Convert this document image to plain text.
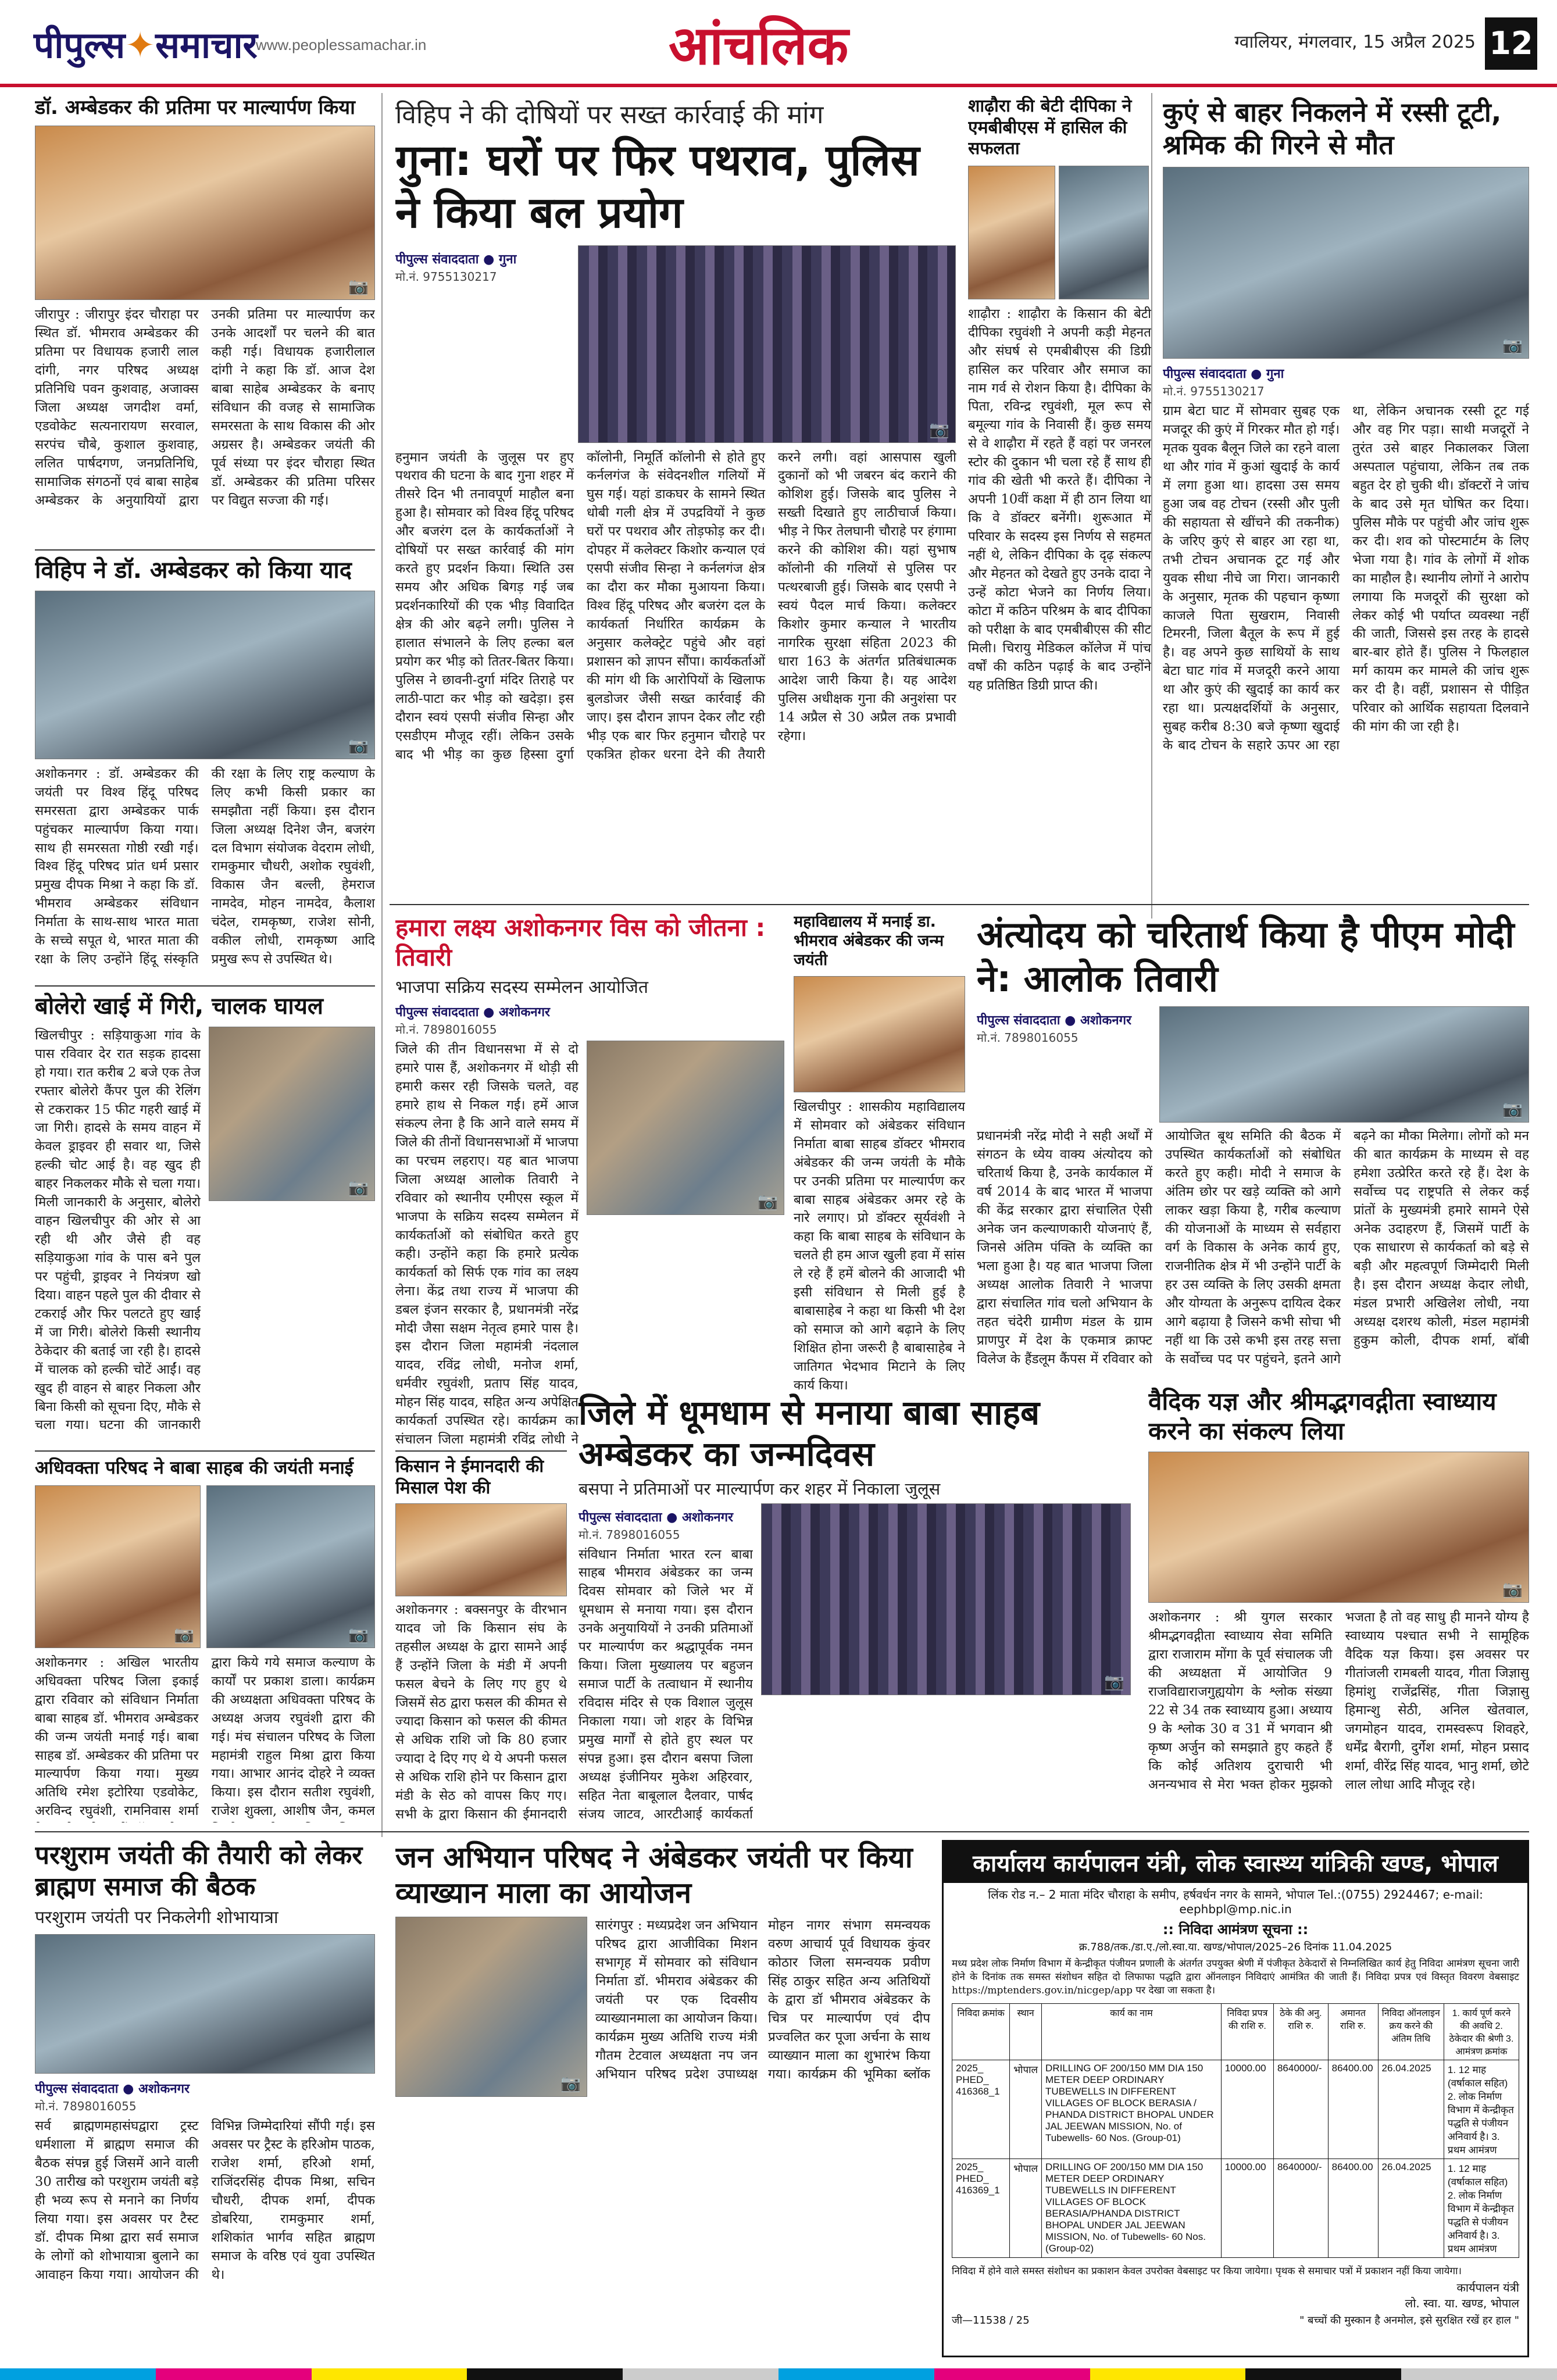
पीपुल्स✦समाचार
www.peoplessamachar.in	आंचलिक	ग्वालियर, मंगलवार, 15 अप्रैल 2025 12
डॉ. अम्बेडकर की प्रतिमा पर माल्यार्पण किया
📷
जीरापुर : जीरापुर इंदर चौराहा पर स्थित डॉ. भीमराव अम्बेडकर की प्रतिमा पर विधायक हजारी लाल दांगी, नगर परिषद अध्यक्ष प्रतिनिधि पवन कुशवाह, अजाक्स जिला अध्यक्ष जगदीश वर्मा, एडवोकेट सत्यनारायण सरवाल, सरपंच चौबे, कुशाल कुशवाह, ललित पार्षदगण, जनप्रतिनिधि, सामाजिक संगठनों एवं बाबा साहेब अम्बेडकर के अनुयायियों द्वारा उनकी प्रतिमा पर माल्यार्पण कर उनके आदर्शों पर चलने की बात कही गई। विधायक हजारीलाल दांगी ने कहा कि डॉ. आज देश बाबा साहेब अम्बेडकर के बनाए संविधान की वजह से सामाजिक समरसता के साथ विकास की ओर अग्रसर है। अम्बेडकर जयंती की पूर्व संध्या पर इंदर चौराहा स्थित डॉ. अम्बेडकर की प्रतिमा परिसर पर विद्युत सज्जा की गई।
विहिप ने डॉ. अम्बेडकर को किया याद
📷
अशोकनगर : डॉ. अम्बेडकर की जयंती पर विश्व हिंदू परिषद समरसता द्वारा अम्बेडकर पार्क पहुंचकर माल्यार्पण किया गया। साथ ही समरसता गोष्ठी रखी गई। विश्व हिंदू परिषद प्रांत धर्म प्रसार प्रमुख दीपक मिश्रा ने कहा कि डॉ. भीमराव अम्बेडकर संविधान निर्माता के साथ-साथ भारत माता के सच्चे सपूत थे, भारत माता की रक्षा के लिए उन्होंने हिंदू संस्कृति की रक्षा के लिए राष्ट्र कल्याण के लिए कभी किसी प्रकार का समझौता नहीं किया। इस दौरान जिला अध्यक्ष दिनेश जैन, बजरंग दल विभाग संयोजक वेदराम लोधी, रामकुमार चौधरी, अशोक रघुवंशी, विकास जैन बल्ली, हेमराज नामदेव, मोहन नामदेव, कैलाश चंदेल, रामकृष्ण, राजेश सोनी, वकील लोधी, रामकृष्ण आदि प्रमुख रूप से उपस्थित थे।
बोलेरो खाई में गिरी, चालक घायल
खिलचीपुर : सड़ियाकुआ गांव के पास रविवार देर रात सड़क हादसा हो गया। रात करीब 2 बजे एक तेज रफ्तार बोलेरो कैंपर पुल की रेलिंग से टकराकर 15 फीट गहरी खाई में जा गिरी। हादसे के समय वाहन में केवल ड्राइवर ही सवार था, जिसे हल्की चोट आई है। वह खुद ही बाहर निकलकर मौके से चला गया। मिली जानकारी के अनुसार, बोलेरो वाहन खिलचीपुर की ओर से आ रही थी और जैसे ही वह सड़ियाकुआ गांव के पास बने पुल पर पहुंची, ड्राइवर ने नियंत्रण खो दिया। वाहन पहले पुल की दीवार से टकराई और फिर पलटते हुए खाई में जा गिरी। बोलेरो किसी स्थानीय ठेकेदार की बताई जा रही है। हादसे में चालक को हल्की चोटें आईं। वह खुद ही वाहन से बाहर निकला और बिना किसी को सूचना दिए, मौके से चला गया। घटना की जानकारी
📷
अधिवक्ता परिषद ने बाबा साहब की जयंती मनाई
📷	📷
अशोकनगर : अखिल भारतीय अधिवक्ता परिषद जिला इकाई द्वारा रविवार को संविधान निर्माता बाबा साहब डॉ. भीमराव अम्बेडकर की जन्म जयंती मनाई गई। बाबा साहब डॉ. अम्बेडकर की प्रतिमा पर माल्यार्पण किया गया। मुख्य अतिथि रमेश इटोरिया एडवोकेट, अरविन्द रघुवंशी, रामनिवास शर्मा द्वारा किये गये समाज कल्याण के कार्यों पर प्रकाश डाला। कार्यक्रम की अध्यक्षता अधिवक्ता परिषद के अध्यक्ष अजय रघुवंशी द्वारा की गई। मंच संचालन परिषद के जिला महामंत्री राहुल मिश्रा द्वारा किया गया। आभार आनंद दोहरे ने व्यक्त किया। इस दौरान सतीश रघुवंशी, राजेश शुक्ला, आशीष जैन, कमल
विहिप ने की दोषियों पर सख्त कार्रवाई की मांग
गुना: घरों पर फिर पथराव, पुलिस ने किया बल प्रयोग
पीपुल्स संवाददाता ● गुना
मो.नं. 9755130217
📷
हनुमान जयंती के जुलूस पर हुए पथराव की घटना के बाद गुना शहर में तीसरे दिन भी तनावपूर्ण माहौल बना हुआ है। सोमवार को विश्व हिंदू परिषद और बजरंग दल के कार्यकर्ताओं ने दोषियों पर सख्त कार्रवाई की मांग करते हुए प्रदर्शन किया। स्थिति उस समय और अधिक बिगड़ गई जब प्रदर्शनकारियों की एक भीड़ विवादित क्षेत्र की ओर बढ़ने लगी। पुलिस ने हालात संभालने के लिए हल्का बल प्रयोग कर भीड़ को तितर-बितर किया। पुलिस ने छावनी-दुर्गा मंदिर तिराहे पर लाठी-पाटा कर भीड़ को खदेड़ा। इस दौरान स्वयं एसपी संजीव सिन्हा और एसडीएम मौजूद रहीं। लेकिन उसके बाद भी भीड़ का कुछ हिस्सा दुर्गा कॉलोनी, निमूर्ति कॉलोनी से होते हुए कर्नलगंज के संवेदनशील गलियों में घुस गई। यहां डाकघर के सामने स्थित धोबी गली क्षेत्र में उपद्रवियों ने कुछ घरों पर पथराव और तोड़फोड़ कर दी। दोपहर में कलेक्टर किशोर कन्याल एवं एसपी संजीव सिन्हा ने कर्नलगंज क्षेत्र का दौरा कर मौका मुआयना किया। विश्व हिंदू परिषद और बजरंग दल के कार्यकर्ता निर्धारित कार्यक्रम के अनुसार कलेक्ट्रेट पहुंचे और वहां प्रशासन को ज्ञापन सौंपा। कार्यकर्ताओं की मांग थी कि आरोपियों के खिलाफ बुलडोजर जैसी सख्त कार्रवाई की जाए। इस दौरान ज्ञापन देकर लौट रही भीड़ एक बार फिर हनुमान चौराहे पर एकत्रित होकर धरना देने की तैयारी करने लगी। वहां आसपास खुली दुकानों को भी जबरन बंद कराने की कोशिश हुई। जिसके बाद पुलिस ने सख्ती दिखाते हुए लाठीचार्ज किया। भीड़ ने फिर तेलघानी चौराहे पर हंगामा करने की कोशिश की। यहां सुभाष कॉलोनी की गलियों से पुलिस पर पत्थरबाजी हुई। जिसके बाद एसपी ने स्वयं पैदल मार्च किया। कलेक्टर किशोर कुमार कन्याल ने भारतीय नागरिक सुरक्षा संहिता 2023 की धारा 163 के अंतर्गत प्रतिबंधात्मक आदेश जारी किया है। यह आदेश पुलिस अधीक्षक गुना की अनुशंसा पर 14 अप्रैल से 30 अप्रैल तक प्रभावी रहेगा।
शाढ़ौरा की बेटी दीपिका ने एमबीबीएस में हासिल की सफलता
शाढ़ौरा : शाढ़ौरा के किसान की बेटी दीपिका रघुवंशी ने अपनी कड़ी मेहनत और संघर्ष से एमबीबीएस की डिग्री हासिल कर परिवार और समाज का नाम गर्व से रोशन किया है। दीपिका के पिता, रविन्द्र रघुवंशी, मूल रूप से बमूल्या गांव के निवासी हैं। कुछ समय से वे शाढ़ौरा में रहते हैं वहां पर जनरल स्टोर की दुकान भी चला रहे हैं साथ ही गांव की खेती भी करते हैं। दीपिका ने अपनी 10वीं कक्षा में ही ठान लिया था कि वे डॉक्टर बनेंगी। शुरूआत में परिवार के सदस्य इस निर्णय से सहमत नहीं थे, लेकिन दीपिका के दृढ़ संकल्प और मेहनत को देखते हुए उनके दादा ने उन्हें कोटा भेजने का निर्णय लिया। कोटा में कठिन परिश्रम के बाद दीपिका को परीक्षा के बाद एमबीबीएस की सीट मिली। चिरायु मेडिकल कॉलेज में पांच वर्षों की कठिन पढ़ाई के बाद उन्होंने यह प्रतिष्ठित डिग्री प्राप्त की।
कुएं से बाहर निकलने में रस्सी टूटी, श्रमिक की गिरने से मौत
📷
पीपुल्स संवाददाता ● गुना
मो.नं. 9755130217
ग्राम बेटा घाट में सोमवार सुबह एक मजदूर की कुएं में गिरकर मौत हो गई। मृतक युवक बैलून जिले का रहने वाला था और गांव में कुआं खुदाई के कार्य में लगा हुआ था। हादसा उस समय हुआ जब वह टोचन (रस्सी और पुली की सहायता से खींचने की तकनीक) के जरिए कुएं से बाहर आ रहा था, तभी टोचन अचानक टूट गई और युवक सीधा नीचे जा गिरा। जानकारी के अनुसार, मृतक की पहचान कृष्णा काजले पिता सुखराम, निवासी टिमरनी, जिला बैतूल के रूप में हुई है। वह अपने कुछ साथियों के साथ बेटा घाट गांव में मजदूरी करने आया था और कुएं की खुदाई का कार्य कर रहा था। प्रत्यक्षदर्शियों के अनुसार, सुबह करीब 8:30 बजे कृष्णा खुदाई के बाद टोचन के सहारे ऊपर आ रहा था, लेकिन अचानक रस्सी टूट गई और वह गिर पड़ा। साथी मजदूरों ने तुरंत उसे बाहर निकालकर जिला अस्पताल पहुंचाया, लेकिन तब तक बहुत देर हो चुकी थी। डॉक्टरों ने जांच के बाद उसे मृत घोषित कर दिया। पुलिस मौके पर पहुंची और जांच शुरू कर दी। शव को पोस्टमार्टम के लिए भेजा गया है। गांव के लोगों में शोक का माहौल है। स्थानीय लोगों ने आरोप लगाया कि मजदूरों की सुरक्षा को लेकर कोई भी पर्याप्त व्यवस्था नहीं की जाती, जिससे इस तरह के हादसे बार-बार होते हैं। पुलिस ने फिलहाल मर्ग कायम कर मामले की जांच शुरू कर दी है। वहीं, प्रशासन से पीड़ित परिवार को आर्थिक सहायता दिलवाने की मांग की जा रही है।
हमारा लक्ष्य अशोकनगर विस को जीतना : तिवारी
भाजपा सक्रिय सदस्य सम्मेलन आयोजित
पीपुल्स संवाददाता ● अशोकनगर
मो.नं. 7898016055
जिले की तीन विधानसभा में से दो हमारे पास हैं, अशोकनगर में थोड़ी सी हमारी कसर रही जिसके चलते, वह हमारे हाथ से निकल गई। हमें आज संकल्प लेना है कि आने वाले समय में जिले की तीनों विधानसभाओं में भाजपा का परचम लहराए। यह बात भाजपा जिला अध्यक्ष आलोक तिवारी ने रविवार को स्थानीय एमीएस स्कूल में भाजपा के सक्रिय सदस्य सम्मेलन में कार्यकर्ताओं को संबोधित करते हुए कही। उन्होंने कहा कि हमारे प्रत्येक कार्यकर्ता को सिर्फ एक गांव का लक्ष्य लेना। केंद्र तथा राज्य में भाजपा की डबल इंजन सरकार है, प्रधानमंत्री नरेंद्र मोदी जैसा सक्षम नेतृत्व हमारे पास है। इस दौरान जिला महामंत्री नंदलाल यादव, रविंद्र लोधी, मनोज शर्मा, धर्मवीर रघुवंशी, प्रताप सिंह यादव, मोहन सिंह यादव, सहित अन्य अपेक्षित कार्यकर्ता उपस्थित रहे। कार्यक्रम का संचालन जिला महामंत्री रविंद्र लोधी ने
📷
महाविद्यालय में मनाई डा. भीमराव अंबेडकर की जन्म जयंती
खिलचीपुर : शासकीय महाविद्यालय में सोमवार को अंबेडकर संविधान निर्माता बाबा साहब डॉक्टर भीमराव अंबेडकर की जन्म जयंती के मौके पर उनकी प्रतिमा पर माल्यार्पण कर बाबा साहब अंबेडकर अमर रहे के नारे लगाए। प्रो डॉक्टर सूर्यवंशी ने कहा कि बाबा साहब के संविधान के चलते ही हम आज खुली हवा में सांस ले रहे हैं हमें बोलने की आजादी भी इसी संविधान से मिली हुई है बाबासाहेब ने कहा था किसी भी देश को समाज को आगे बढ़ाने के लिए शिक्षित होना जरूरी है बाबासाहेब ने जातिगत भेदभाव मिटाने के लिए कार्य किया।
अंत्योदय को चरितार्थ किया है पीएम मोदी ने: आलोक तिवारी
पीपुल्स संवाददाता ● अशोकनगर
मो.नं. 7898016055
📷
प्रधानमंत्री नरेंद्र मोदी ने सही अर्थों में संगठन के ध्येय वाक्य अंत्योदय को चरितार्थ किया है, उनके कार्यकाल में वर्ष 2014 के बाद भारत में भाजपा की केंद्र सरकार द्वारा संचालित ऐसी अनेक जन कल्याणकारी योजनाएं हैं, जिनसे अंतिम पंक्ति के व्यक्ति का भला हुआ है। यह बात भाजपा जिला अध्यक्ष आलोक तिवारी ने भाजपा द्वारा संचालित गांव चलो अभियान के तहत चंदेरी ग्रामीण मंडल के ग्राम प्राणपुर में देश के एकमात्र क्राफ्ट विलेज के हैंडलूम कैंपस में रविवार को आयोजित बूथ समिति की बैठक में उपस्थित कार्यकर्ताओं को संबोधित करते हुए कही। मोदी ने समाज के अंतिम छोर पर खड़े व्यक्ति को आगे लाकर खड़ा किया है, गरीब कल्याण की योजनाओं के माध्यम से सर्वहारा वर्ग के विकास के अनेक कार्य हुए, राजनीतिक क्षेत्र में भी उन्होंने पार्टी के हर उस व्यक्ति के लिए उसकी क्षमता और योग्यता के अनुरूप दायित्व देकर आगे बढ़ाया है जिसने कभी सोचा भी नहीं था कि उसे कभी इस तरह सत्ता के सर्वोच्च पद पर पहुंचने, इतने आगे बढ़ने का मौका मिलेगा। लोगों को मन की बात कार्यक्रम के माध्यम से वह हमेशा उत्प्रेरित करते रहे हैं। देश के सर्वोच्च पद राष्ट्रपति से लेकर कई प्रांतों के मुख्यमंत्री हमारे सामने ऐसे अनेक उदाहरण हैं, जिसमें पार्टी के एक साधारण से कार्यकर्ता को बड़े से बड़ी और महत्वपूर्ण जिम्मेदारी मिली है। इस दौरान अध्यक्ष केदार लोधी, मंडल प्रभारी अखिलेश लोधी, नया अध्यक्ष दशरथ कोली, मंडल महामंत्री हुकुम कोली, दीपक शर्मा, बॉबी
किसान ने ईमानदारी की मिसाल पेश की
अशोकनगर : बक्सनपुर के वीरभान यादव जो कि किसान संघ के तहसील अध्यक्ष के द्वारा सामने आई हैं उन्होंने जिला के मंडी में अपनी फसल बेचने के लिए गए हुए थे जिसमें सेठ द्वारा फसल की कीमत से ज्यादा किसान को फसल की कीमत से अधिक राशि जो कि 80 हजार ज्यादा दे दिए गए थे ये अपनी फसल से अधिक राशि होने पर किसान द्वारा मंडी के सेठ को वापस किए गए। सभी के द्वारा किसान की ईमानदारी
जिले में धूमधाम से मनाया बाबा साहब अम्बेडकर का जन्मदिवस
बसपा ने प्रतिमाओं पर माल्यार्पण कर शहर में निकाला जुलूस
पीपुल्स संवाददाता ● अशोकनगर
मो.नं. 7898016055
संविधान निर्माता भारत रत्न बाबा साहब भीमराव अंबेडकर का जन्म दिवस सोमवार को जिले भर में धूमधाम से मनाया गया। इस दौरान उनके अनुयायियों ने उनकी प्रतिमाओं पर माल्यार्पण कर श्रद्धापूर्वक नमन किया। जिला मुख्यालय पर बहुजन समाज पार्टी के तत्वाधान में स्थानीय रविदास मंदिर से एक विशाल जुलूस निकाला गया। जो शहर के विभिन्न प्रमुख मार्गों से होते हुए स्थल पर संपन्न हुआ। इस दौरान बसपा जिला अध्यक्ष इंजीनियर मुकेश अहिरवार, सहित नेता बाबूलाल दैलवार, पार्षद संजय जाटव, आरटीआई कार्यकर्ता
📷
वैदिक यज्ञ और श्रीमद्भगवद्गीता स्वाध्याय करने का संकल्प लिया
📷
अशोकनगर : श्री युगल सरकार श्रीमद्भगवद्गीता स्वाध्याय सेवा समिति द्वारा राजाराम मोंगा के पूर्व संचालक जी की अध्यक्षता में आयोजित 9 राजविद्याराजगुह्ययोग के श्लोक संख्या 22 से 34 तक स्वाध्याय हुआ। अध्याय 9 के श्लोक 30 व 31 में भगवान श्री कृष्ण अर्जुन को समझाते हुए कहते हैं कि कोई अतिशय दुराचारी भी अनन्यभाव से मेरा भक्त होकर मुझको भजता है तो वह साधु ही मानने योग्य है स्वाध्याय पश्चात सभी ने सामूहिक वैदिक यज्ञ किया। इस अवसर पर गीतांजली रामबली यादव, गीता जिज्ञासु हिमांशु राजेंद्रसिंह, गीता जिज्ञासु हिमान्शु सेठी, अनिल खेतवाल, जगमोहन यादव, रामस्वरूप शिवहरे, धर्मेंद्र बैरागी, दुर्गेश शर्मा, मोहन प्रसाद शर्मा, वीरेंद्र सिंह यादव, भानु शर्मा, छोटे लाल लोधा आदि मौजूद रहे।
परशुराम जयंती की तैयारी को लेकर ब्राह्मण समाज की बैठक
परशुराम जयंती पर निकलेगी शोभायात्रा
पीपुल्स संवाददाता ● अशोकनगर
मो.नं. 7898016055
सर्व ब्राह्मणमहासंघद्वारा ट्रस्ट धर्मशाला में ब्राह्मण समाज की बैठक संपन्न हुई जिसमें आने वाली 30 तारीख को परशुराम जयंती बड़े ही भव्य रूप से मनाने का निर्णय लिया गया। इस अवसर पर टैस्ट डॉ. दीपक मिश्रा द्वारा सर्व समाज के लोगों को शोभायात्रा बुलाने का आवाहन किया गया। आयोजन की विभिन्न जिम्मेदारियां सौंपी गई। इस अवसर पर ट्रैस्ट के हरिओम पाठक, राजेश शर्मा, हरिओ शर्मा, राजिंदरसिंह दीपक मिश्रा, सचिन चौधरी, दीपक शर्मा, दीपक डोबरिया, रामकुमार शर्मा, शशिकांत भार्गव सहित ब्राह्मण समाज के वरिष्ठ एवं युवा उपस्थित थे।
जन अभियान परिषद ने अंबेडकर जयंती पर किया व्याख्यान माला का आयोजन
📷
सारंगपुर : मध्यप्रदेश जन अभियान परिषद द्वारा आजीविका मिशन सभागृह में सोमवार को संविधान निर्माता डॉ. भीमराव अंबेडकर की जयंती पर एक दिवसीय व्याख्यानमाला का आयोजन किया। कार्यक्रम मुख्य अतिथि राज्य मंत्री गौतम टेटवाल अध्यक्षता नप जन अभियान परिषद प्रदेश उपाध्यक्ष मोहन नागर संभाग समन्वयक वरुण आचार्य पूर्व विधायक कुंवर कोठार जिला समन्वयक प्रवीण सिंह ठाकुर सहित अन्य अतिथियों के द्वारा डॉ भीमराव अंबेडकर के चित्र पर माल्यार्पण एवं दीप प्रज्वलित कर पूजा अर्चना के साथ व्याख्यान माला का शुभारंभ किया गया। कार्यक्रम की भूमिका ब्लॉक
कार्यालय कार्यपालन यंत्री, लोक स्वास्थ्य यांत्रिकी खण्ड, भोपाल
लिंक रोड न.– 2 माता मंदिर चौराहा के समीप, हर्षवर्धन नगर के सामने, भोपाल Tel.:(0755) 2924467; e-mail: eephbpl@mp.nic.in
:: निविदा आमंत्रण सूचना ::
क्र.788/तक./डा.ए./लो.स्वा.या. खण्ड/भोपाल/2025–26 दिनांक 11.04.2025
मध्य प्रदेश लोक निर्माण विभाग में केन्द्रीकृत पंजीयन प्रणाली के अंतर्गत उपयुक्त श्रेणी में पंजीकृत ठेकेदारों से निम्नलिखित कार्य हेतु निविदा आमंत्रण सूचना जारी होने के दिनांक तक समस्त संशोधन सहित दो लिफाफा पद्धति द्वारा ऑनलाइन निविदाएं आमंत्रित की जाती हैं। निविदा प्रपत्र एवं विस्तृत विवरण वेबसाइट https://mptenders.gov.in/nicgep/app पर देखा जा सकता है।
निविदा क्रमांक	स्थान	कार्य का नाम	निविदा प्रपत्र की राशि रु.	ठेके की अनु. राशि रु.	अमानत राशि रु.	निविदा ऑनलाइन क्रय करने की अंतिम तिथि	1. कार्य पूर्ण करने की अवधि 2. ठेकेदार की श्रेणी 3. आमंत्रण क्रमांक
2025_ PHED_ 416368_1	भोपाल	DRILLING OF 200/150 MM DIA 150 METER DEEP ORDINARY TUBEWELLS IN DIFFERENT VILLAGES OF BLOCK BERASIA / PHANDA DISTRICT BHOPAL UNDER JAL JEEWAN MISSION, No. of Tubewells- 60 Nos. (Group-01)	10000.00	8640000/-	86400.00	26.04.2025	1. 12 माह (वर्षाकाल सहित) 2. लोक निर्माण विभाग में केन्द्रीकृत पद्धति से पंजीयन अनिवार्य है। 3. प्रथम आमंत्रण
2025_ PHED_ 416369_1	भोपाल	DRILLING OF 200/150 MM DIA 150 METER DEEP ORDINARY TUBEWELLS IN DIFFERENT VILLAGES OF BLOCK BERASIA/PHANDA DISTRICT BHOPAL UNDER JAL JEEWAN MISSION, No. of Tubewells- 60 Nos. (Group-02)	10000.00	8640000/-	86400.00	26.04.2025	1. 12 माह (वर्षाकाल सहित) 2. लोक निर्माण विभाग में केन्द्रीकृत पद्धति से पंजीयन अनिवार्य है। 3. प्रथम आमंत्रण
निविदा में होने वाले समस्त संशोधन का प्रकाशन केवल उपरोक्त वेबसाइट पर किया जायेगा। पृथक से समाचार पत्रों में प्रकाशन नहीं किया जायेगा।
कार्यपालन यंत्री
लो. स्वा. या. खण्ड, भोपाल
जी—11538 / 25	" बच्चों की मुस्कान है अनमोल, इसे सुरक्षित रखें हर हाल "
